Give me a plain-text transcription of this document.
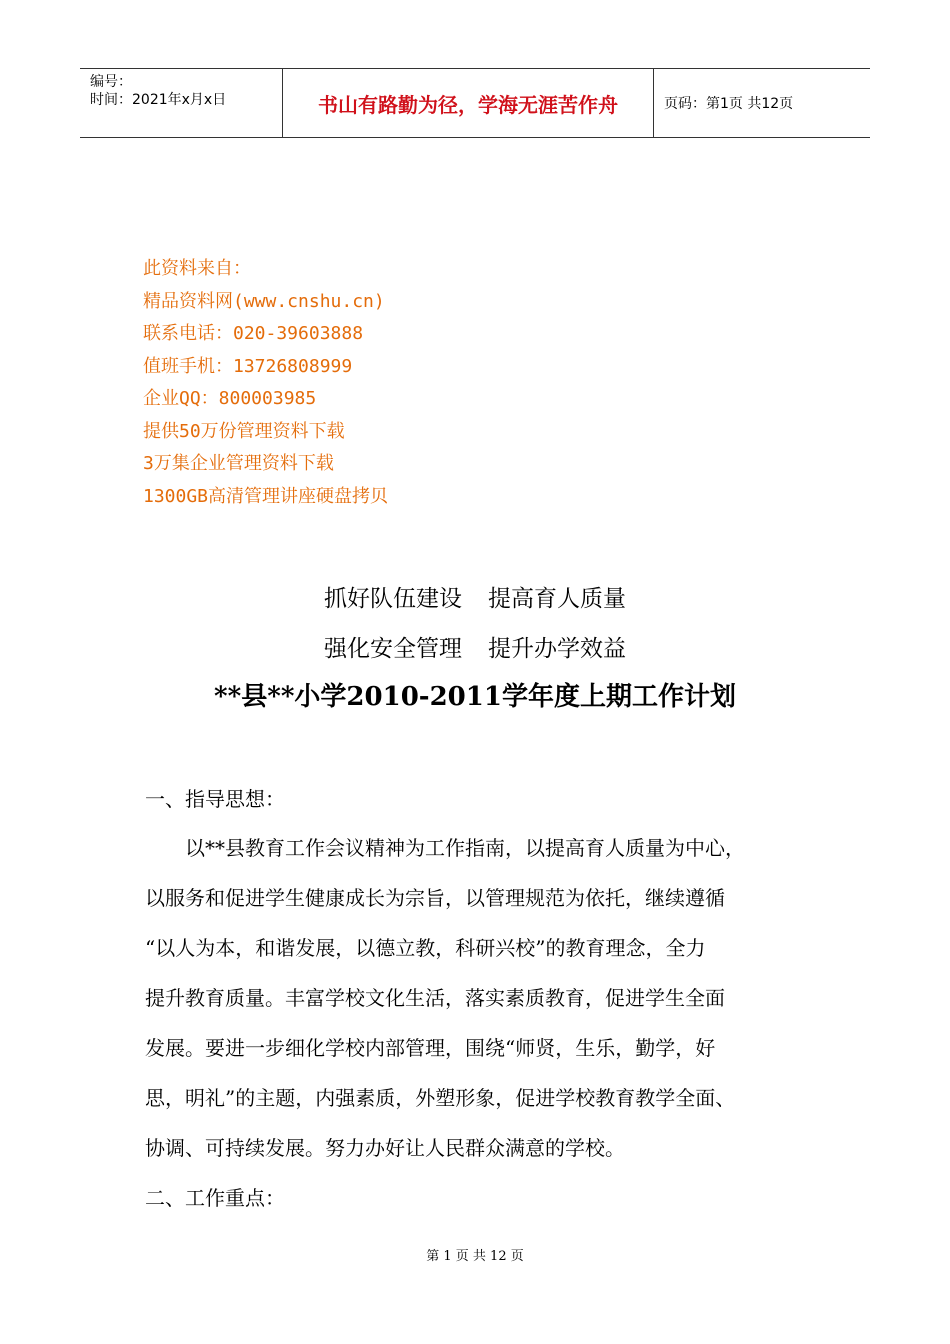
编号：
时间：2021年x月x日	书山有路勤为径，学海无涯苦作舟	页码：第1页 共12页
此资料来自：
精品资料网(www.cnshu.cn)
联系电话：020-39603888
值班手机：13726808999
企业QQ：800003985
提供50万份管理资料下载
3万集企业管理资料下载
1300GB高清管理讲座硬盘拷贝
抓好队伍建设 提高育人质量
强化安全管理 提升办学效益
**县**小学2010-2011学年度上期工作计划
一、指导思想：
　　以**县教育工作会议精神为工作指南，以提高育人质量为中心，
以服务和促进学生健康成长为宗旨，以管理规范为依托，继续遵循
“以人为本，和谐发展，以德立教，科研兴校”的教育理念，全力
提升教育质量。丰富学校文化生活，落实素质教育，促进学生全面
发展。要进一步细化学校内部管理，围绕“师贤，生乐，勤学，好
思，明礼”的主题，内强素质，外塑形象，促进学校教育教学全面、
协调、可持续发展。努力办好让人民群众满意的学校。
二、工作重点：
第 1 页 共 12 页
